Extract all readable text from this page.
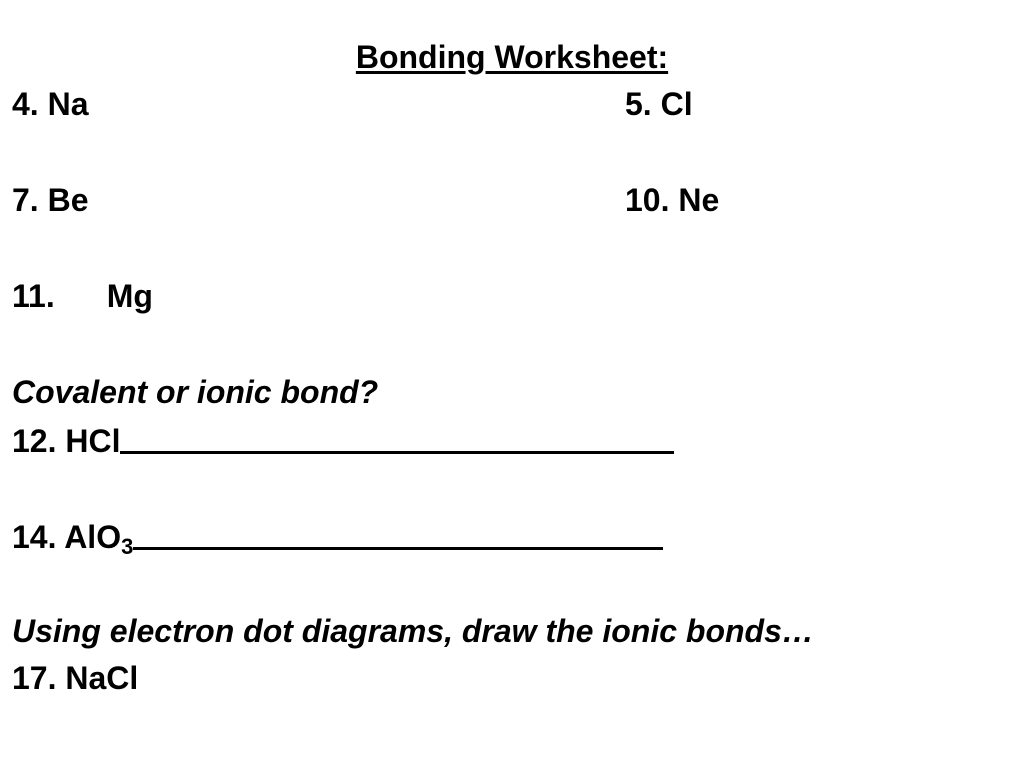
Bonding Worksheet:
4. Na	5. Cl
7. Be	10. Ne
11. Mg
Covalent or ionic bond?
12. HCl
14. AlO$_3$
Using electron dot diagrams, draw the ionic bonds…
17. NaCl
